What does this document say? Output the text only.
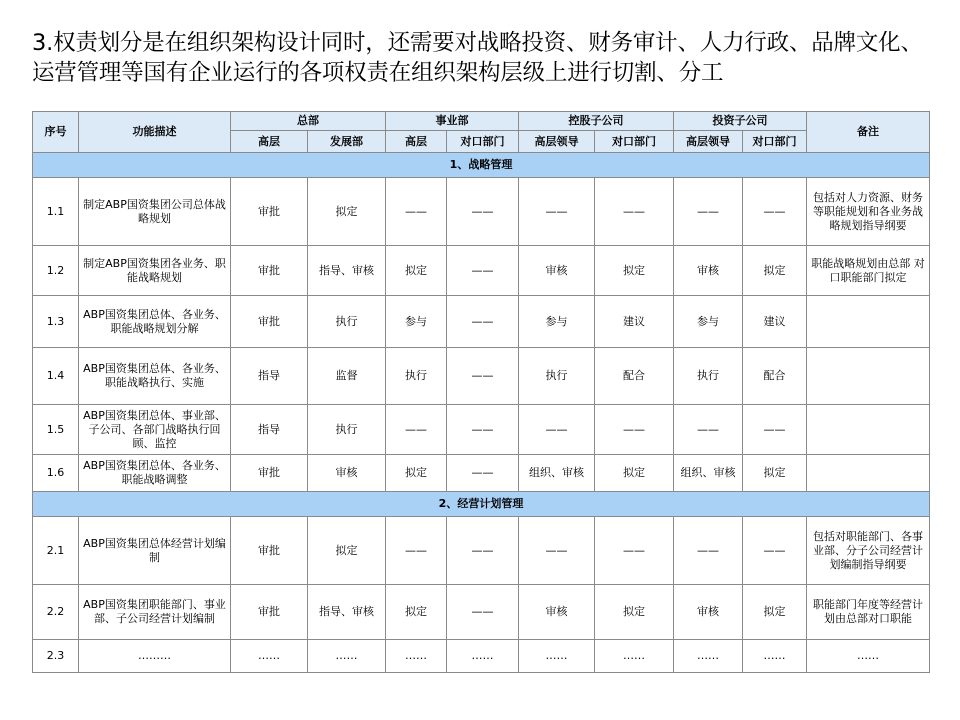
3.权责划分是在组织架构设计同时，还需要对战略投资、财务审计、人力行政、品牌文化、运营管理等国有企业运行的各项权责在组织架构层级上进行切割、分工
序号	功能描述	总部		事业部		控股子公司		投资子公司		备注
		高层	发展部	高层	对口部门	高层领导	对口部门	高层领导	对口部门	
1、战略管理										
1.1	制定ABP国资集团公司总体战略规划	审批	拟定	——	——	——	——	——	——	包括对人力资源、财务等职能规划和各业务战略规划指导纲要
1.2	制定ABP国资集团各业务、职能战略规划	审批	指导、审核	拟定	——	审核	拟定	审核	拟定	职能战略规划由总部 对口职能部门拟定
1.3	ABP国资集团总体、各业务、职能战略规划分解	审批	执行	参与	——	参与	建议	参与	建议	
1.4	ABP国资集团总体、各业务、职能战略执行、实施	指导	监督	执行	——	执行	配合	执行	配合	
1.5	ABP国资集团总体、事业部、子公司、各部门战略执行回顾、监控	指导	执行	——	——	——	——	——	——	
1.6	ABP国资集团总体、各业务、职能战略调整	审批	审核	拟定	——	组织、审核	拟定	组织、审核	拟定	
2、经营计划管理										
2.1	ABP国资集团总体经营计划编制	审批	拟定	——	——	——	——	——	——	包括对职能部门、各事业部、分子公司经营计划编制指导纲要
2.2	ABP国资集团职能部门、事业部、子公司经营计划编制	审批	指导、审核	拟定	——	审核	拟定	审核	拟定	职能部门年度等经营计划由总部对口职能
2.3	………	……	……	……	……	……	……	……	……	……
